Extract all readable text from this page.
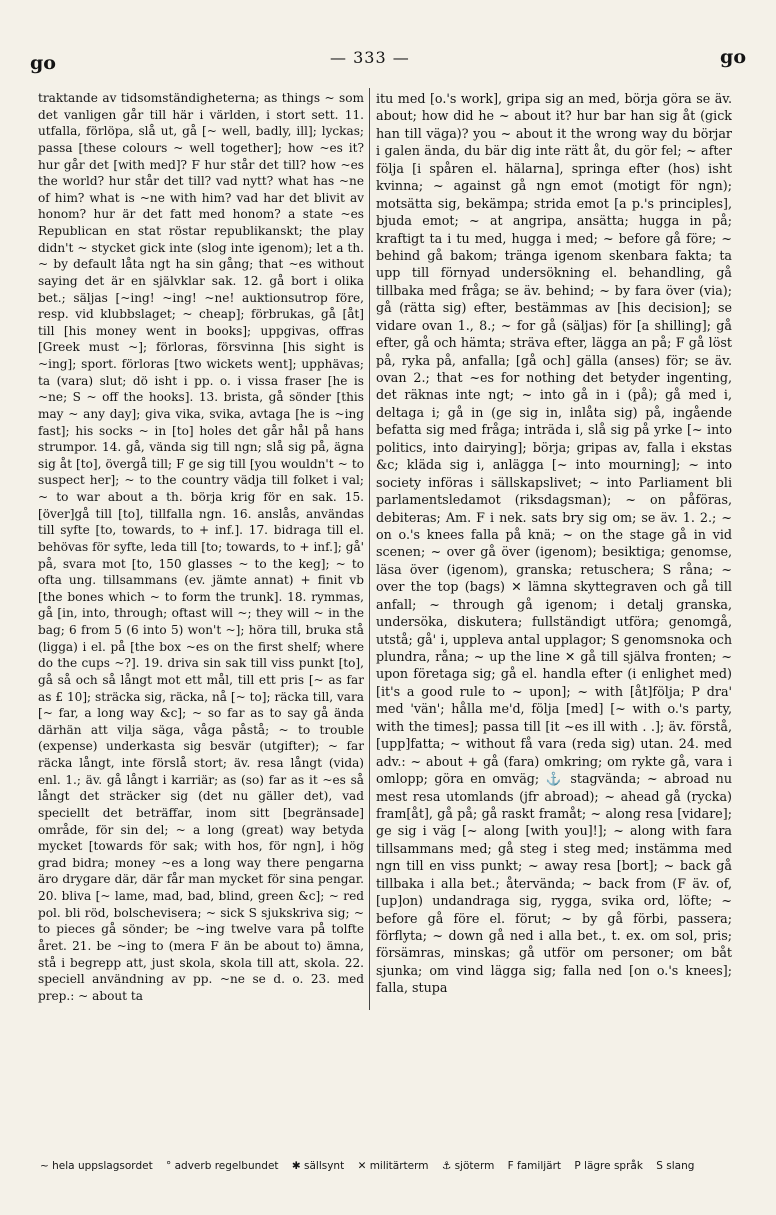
go	— 333 —	go

traktande av tidsomständigheterna; as things ~ som det vanligen går till här i världen, i stort sett. 11. utfalla, förlöpa, slå ut, gå [~ well, badly, ill]; lyckas; passa [these colours ~ well together]; how ~es it? hur går det [with med]? F hur står det till? how ~es the world? hur står det till? vad nytt? what has ~ne of him? what is ~ne with him? vad har det blivit av honom? hur är det fatt med honom? a state ~es Republican en stat röstar republikanskt; the play didn't ~ stycket gick inte (slog inte igenom); let a th. ~ by default låta ngt ha sin gång; that ~es without saying det är en självklar sak. 12. gå bort i olika bet.; säljas [~ing! ~ing! ~ne! auktionsutrop före, resp. vid klubbslaget; ~ cheap]; förbrukas, gå [åt] till [his money went in books]; uppgivas, offras [Greek must ~]; förloras, försvinna [his sight is ~ing]; sport. förloras [two wickets went]; upphävas; ta (vara) slut; dö isht i pp. o. i vissa fraser [he is ~ne; S ~ off the hooks]. 13. brista, gå sönder [this may ~ any day]; giva vika, svika, avtaga [he is ~ing fast]; his socks ~ in [to] holes det går hål på hans strumpor. 14. gå, vända sig till ngn; slå sig på, ägna sig åt [to], övergå till; F ge sig till [you wouldn't ~ to suspect her]; ~ to the country vädja till folket i val; ~ to war about a th. börja krig för en sak. 15. [över]gå till [to], tillfalla ngn. 16. anslås, användas till syfte [to, towards, to + inf.]. 17. bidraga till el. behövas för syfte, leda till [to; towards, to + inf.]; gå' på, svara mot [to, 150 glasses ~ to the keg]; ~ to ofta ung. tillsammans (ev. jämte annat) + finit vb [the bones which ~ to form the trunk]. 18. rymmas, gå [in, into, through; oftast will ~; they will ~ in the bag; 6 from 5 (6 into 5) won't ~]; höra till, bruka stå (ligga) i el. på [the box ~es on the first shelf; where do the cups ~?]. 19. driva sin sak till viss punkt [to], gå så och så långt mot ett mål, till ett pris [~ as far as £ 10]; sträcka sig, räcka, nå [~ to]; räcka till, vara [~ far, a long way &c]; ~ so far as to say gå ända därhän att vilja säga, våga påstå; ~ to trouble (expense) underkasta sig besvär (utgifter); ~ far räcka långt, inte förslå stort; äv. resa långt (vida) enl. 1.; äv. gå långt i karriär; as (so) far as it ~es så långt det sträcker sig (det nu gäller det), vad speciellt det beträffar, inom sitt [begränsade] område, för sin del; ~ a long (great) way betyda mycket [towards för sak; with hos, för ngn], i hög grad bidra; money ~es a long way there pengarna äro drygare där, där får man mycket för sina pengar. 20. bliva [~ lame, mad, bad, blind, green &c]; ~ red pol. bli röd, bolschevisera; ~ sick S sjukskriva sig; ~ to pieces gå sönder; be ~ing twelve vara på tolfte året. 21. be ~ing to (mera F än be about to) ämna, stå i begrepp att, just skola, skola till att, skola. 22. speciell användning av pp. ~ne se d. o. 23. med prep.: ~ about ta

itu med [o.'s work], gripa sig an med, börja göra se äv. about; how did he ~ about it? hur bar han sig åt (gick han till väga)? you ~ about it the wrong way du börjar i galen ända, du bär dig inte rätt åt, du gör fel; ~ after följa [i spåren el. hälarna], springa efter (hos) isht kvinna; ~ against gå ngn emot (motigt för ngn); motsätta sig, bekämpa; strida emot [a p.'s principles], bjuda emot; ~ at angripa, ansätta; hugga in på; kraftigt ta i tu med, hugga i med; ~ before gå före; ~ behind gå bakom; tränga igenom skenbara fakta; ta upp till förnyad undersökning el. behandling, gå tillbaka med fråga; se äv. behind; ~ by fara över (via); gå (rätta sig) efter, bestämmas av [his decision]; se vidare ovan 1., 8.; ~ for gå (säljas) för [a shilling]; gå efter, gå och hämta; sträva efter, lägga an på; F gå löst på, ryka på, anfalla; [gå och] gälla (anses) för; se äv. ovan 2.; that ~es for nothing det betyder ingenting, det räknas inte ngt; ~ into gå in i (på); gå med i, deltaga i; gå in (ge sig in, inlåta sig) på, ingående befatta sig med fråga; inträda i, slå sig på yrke [~ into politics, into dairying]; börja; gripas av, falla i ekstas &c; kläda sig i, anlägga [~ into mourning]; ~ into society införas i sällskapslivet; ~ into Parliament bli parlamentsledamot (riksdagsman); ~ on påföras, debiteras; Am. F i nek. sats bry sig om; se äv. 1. 2.; ~ on o.'s knees falla på knä; ~ on the stage gå in vid scenen; ~ over gå över (igenom); besiktiga; genomse, läsa över (igenom), granska; retuschera; S råna; ~ over the top (bags) ✕ lämna skyttegraven och gå till anfall; ~ through gå igenom; i detalj granska, undersöka, diskutera; fullständigt utföra; genomgå, utstå; gå' i, uppleva antal upplagor; S genomsnoka och plundra, råna; ~ up the line ✕ gå till själva fronten; ~ upon företaga sig; gå el. handla efter (i enlighet med) [it's a good rule to ~ upon]; ~ with [åt]följa; P dra' med 'vän'; hålla me'd, följa [med] [~ with o.'s party, with the times]; passa till [it ~es ill with . .]; äv. förstå, [upp]fatta; ~ without få vara (reda sig) utan. 24. med adv.: ~ about + gå (fara) omkring; om rykte gå, vara i omlopp; göra en omväg; ⚓ stagvända; ~ abroad nu mest resa utomlands (jfr abroad); ~ ahead gå (rycka) fram[åt], gå på; gå raskt framåt; ~ along resa [vidare]; ge sig i väg [~ along [with you]!]; ~ along with fara tillsammans med; gå steg i steg med; instämma med ngn till en viss punkt; ~ away resa [bort]; ~ back gå tillbaka i alla bet.; återvända; ~ back from (F äv. of, [up]on) undandraga sig, rygga, svika ord, löfte; ~ before gå före el. förut; ~ by gå förbi, passera; förflyta; ~ down gå ned i alla bet., t. ex. om sol, pris; försämras, minskas; gå utför om personer; om båt sjunka; om vind lägga sig; falla ned [on o.'s knees]; falla, stupa

~ hela uppslagsordet ° adverb regelbundet ✱ sällsynt ✕ militärterm ⚓ sjöterm F familjärt P lägre språk S slang
